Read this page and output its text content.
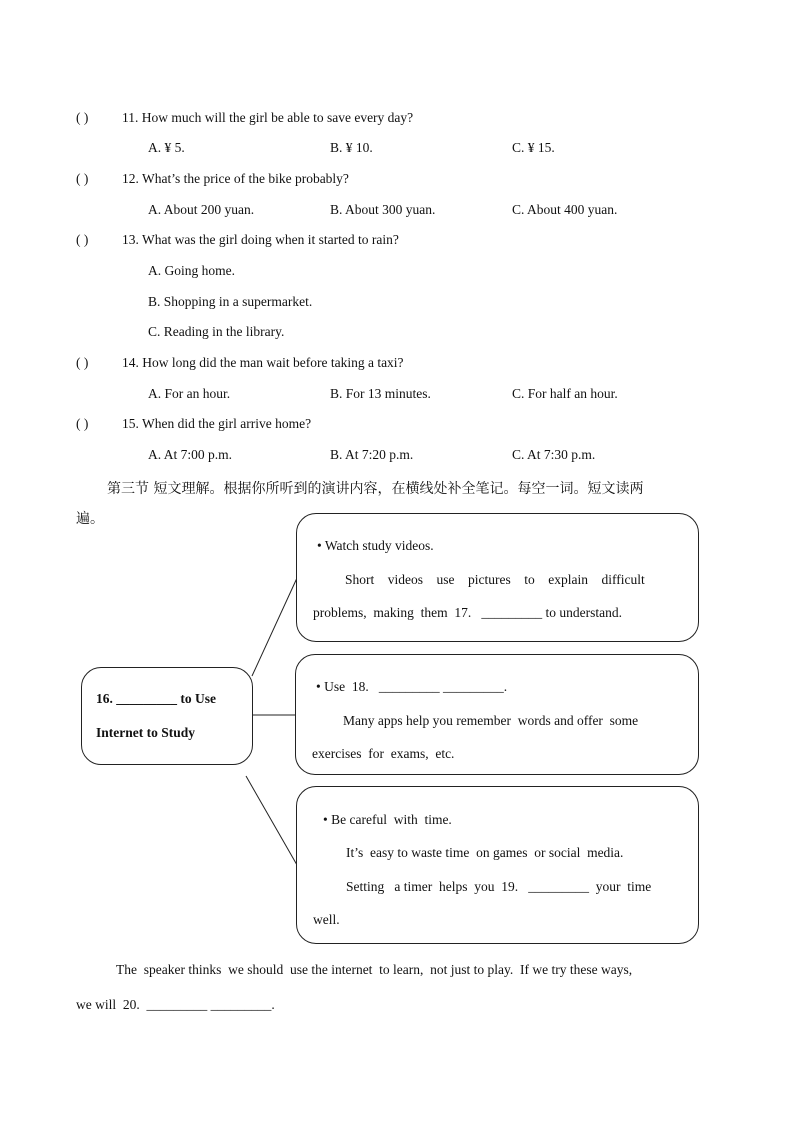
( ) 11. How much will the girl be able to save every day?
A. ¥ 5.	B. ¥ 10.	C. ¥ 15.
( ) 12. What’s the price of the bike probably?
A. About 200 yuan.	B. About 300 yuan.	C. About 400 yuan.
( ) 13. What was the girl doing when it started to rain?
A. Going home.
B. Shopping in a supermarket.
C. Reading in the library.
( ) 14. How long did the man wait before taking a taxi?
A. For an hour.	B. For 13 minutes.	C. For half an hour.
( ) 15. When did the girl arrive home?
A. At 7:00 p.m.	B. At 7:20 p.m.	C. At 7:30 p.m.
第三节 短文理解。根据你所听到的演讲内容，在横线处补全笔记。每空一词。短文读两
遍。
16. _________ to Use
Internet to Study
• Watch study videos.
Short    videos    use    pictures    to    explain    difficult
problems,  making  them  17.   _________ to understand.
• Use  18.   _________ _________.
Many apps help you remember  words and offer  some
exercises  for  exams,  etc.
• Be careful  with  time.
It’s  easy to waste time  on games  or social  media.
Setting   a timer  helps  you  19.   _________  your  time
well.
The  speaker thinks  we should  use the internet  to learn,  not just to play.  If we try these ways,
we will  20.  _________ _________.
